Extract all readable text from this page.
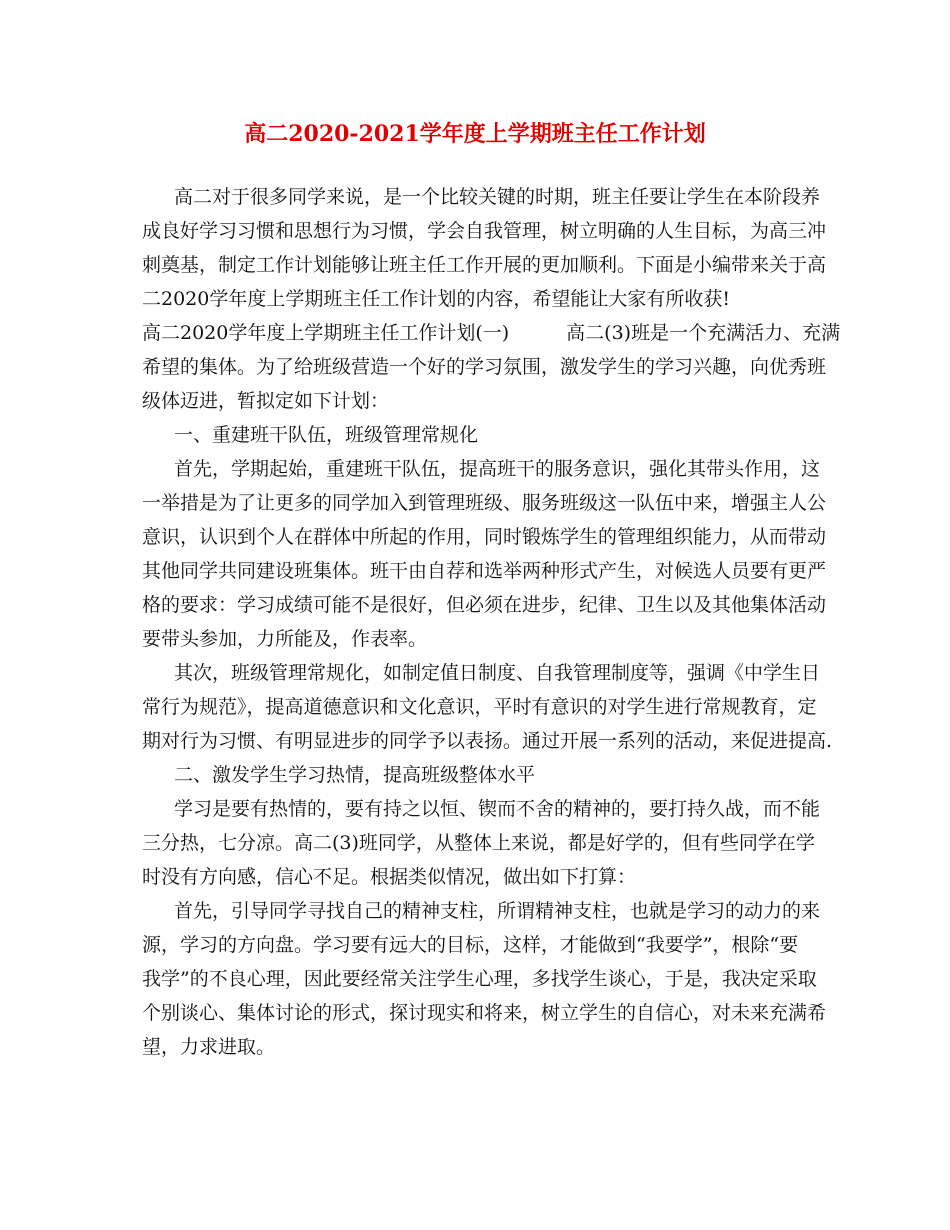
高二2020-2021学年度上学期班主任工作计划

高二对于很多同学来说，是一个比较关键的时期，班主任要让学生在本阶段养

成良好学习习惯和思想行为习惯，学会自我管理，树立明确的人生目标，为高三冲

刺奠基，制定工作计划能够让班主任工作开展的更加顺利。下面是小编带来关于高

二2020学年度上学期班主任工作计划的内容，希望能让大家有所收获!

高二2020学年度上学期班主任工作计划(一)　　　高二(3)班是一个充满活力、充满

希望的集体。为了给班级营造一个好的学习氛围，激发学生的学习兴趣，向优秀班

级体迈进，暂拟定如下计划：

一、重建班干队伍，班级管理常规化

首先，学期起始，重建班干队伍，提高班干的服务意识，强化其带头作用，这

一举措是为了让更多的同学加入到管理班级、服务班级这一队伍中来，增强主人公

意识，认识到个人在群体中所起的作用，同时锻炼学生的管理组织能力，从而带动

其他同学共同建设班集体。班干由自荐和选举两种形式产生，对候选人员要有更严

格的要求：学习成绩可能不是很好，但必须在进步，纪律、卫生以及其他集体活动

要带头参加，力所能及，作表率。

其次，班级管理常规化，如制定值日制度、自我管理制度等，强调《中学生日

常行为规范》，提高道德意识和文化意识，平时有意识的对学生进行常规教育，定

期对行为习惯、有明显进步的同学予以表扬。通过开展一系列的活动，来促进提高.

二、激发学生学习热情，提高班级整体水平

学习是要有热情的，要有持之以恒、锲而不舍的精神的，要打持久战，而不能

三分热，七分凉。高二(3)班同学，从整体上来说，都是好学的，但有些同学在学

时没有方向感，信心不足。根据类似情况，做出如下打算：

首先，引导同学寻找自己的精神支柱，所谓精神支柱，也就是学习的动力的来

源，学习的方向盘。学习要有远大的目标，这样，才能做到“我要学”，根除“要

我学”的不良心理，因此要经常关注学生心理，多找学生谈心，于是，我决定采取

个别谈心、集体讨论的形式，探讨现实和将来，树立学生的自信心，对未来充满希

望，力求进取。
